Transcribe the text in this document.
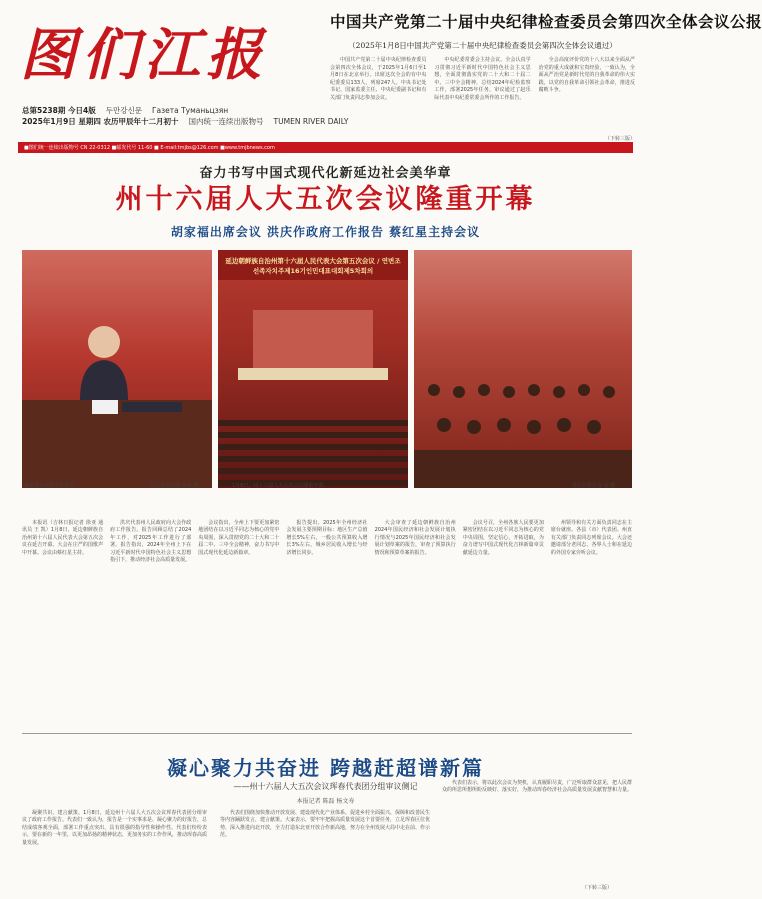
图们江报
总第5238期 今日4版 두만강신문 Газета Туманьцзян
2025年1月9日 星期四 农历甲辰年十二月初十 国内统一连续出版物号 TUMEN RIVER DAILY
■图们统一连续出版物号 CN 22-0312 ■邮发代号 11-60 ■ E-mail:tmjbs@126.com ■www.tmjbnews.com
中国共产党第二十届中央纪律检查委员会第四次全体会议公报
（2025年1月8日中国共产党第二十届中央纪律检查委员会第四次全体会议通过）

中国共产党第二十届中央纪律检查委员会第四次全体会议，于2025年1月6日至1月8日在北京举行。出席这次全会的有中央纪委委员133人，列席247人。中央书记处书记、国家监委主任、中央纪委副书记和有关部门负责同志参加会议。

中央纪委常委会主持会议。全会认真学习贯彻习近平新时代中国特色社会主义思想，全面贯彻落实党的二十大和二十届二中、三中全会精神，总结2024年纪检监察工作，部署2025年任务，审议通过了赵乐际代表中央纪委常委会所作的工作报告。

全会高度评价党的十八大以来全面从严治党的重大成就和宝贵经验，一致认为，全面从严治党是新时代党的自我革命的伟大实践，以党的自我革命引领社会革命，推进反腐败斗争。

（下转三版）
奋力书写中国式现代化新延边社会美华章
州十六届人大五次会议隆重开幕
胡家福出席会议 洪庆作政府工作报告 蔡红星主持会议
延边朝鲜族自治州第十六届人民代表大会第五次会议 / 연변조선족자치주제16기인민대표대회제5차회의
胡家福在政府工作报告	延边日报记者 孙明 摄	1月8日，州十六届人大五次会议隆重开幕。	延边日报记者 宋 摄

本报讯（吉林日报记者 徐亚 通讯员 王 凯）1月8日，延边朝鲜族自治州第十六届人民代表大会第五次会议在延吉开幕。大会在庄严的国歌声中开幕。会议由蔡红星主持。

洪庆代表州人民政府向大会作政府工作报告。报告回顾总结了2024年工作，对2025年工作进行了部署。报告指出，2024年全州上下在习近平新时代中国特色社会主义思想指引下，推动经济社会高质量发展。

会议指出，全州上下要更加紧密地团结在以习近平同志为核心的党中央周围，深入贯彻党的二十大和二十届二中、三中全会精神，奋力书写中国式现代化延边新篇章。

报告提出，2025年全州经济社会发展主要预期目标：地区生产总值增长5%左右，一般公共预算收入增长3%左右，城乡居民收入增长与经济增长同步。

大会审查了延边朝鲜族自治州2024年国民经济和社会发展计划执行情况与2025年国民经济和社会发展计划草案的报告，审查了预算执行情况和预算草案的报告。

会议号召，全州各族人民要更加紧密团结在以习近平同志为核心的党中央周围，坚定信心，开拓进取，为奋力谱写中国式现代化吉林新篇章贡献延边力量。

州领导和有关方面负责同志在主席台就座。各县（市）代表团、州直有关部门负责同志列席会议。大会还邀请部分老同志、各界人士和在延边的外国专家旁听会议。

凝心聚力共奋进 跨越赶超谱新篇
——州十六届人大五次会议珲春代表团分组审议侧记
本报记者 陈磊 杨文寿
凝聚共识，建言献策。1月8日，延边州十六届人大五次会议珲春代表团分组审议了政府工作报告。代表们一致认为，报告是一个实事求是、凝心聚力的好报告，总结成绩客观全面，部署工作重点突出，具有很强的指导性和操作性。代表们纷纷表示，要在新的一年里，以更加昂扬的精神状态，更加务实的工作作风，推动珲春高质量发展。
代表们围绕加快推动开放发展、建设现代化产业体系、促进乡村全面振兴、保障和改善民生等内容踊跃发言，建言献策。大家表示，要牢牢把握高质量发展这个首要任务，立足珲春区位优势，深入推进向北开放，全力打造东北亚开放合作新高地，努力在全州发展大局中走在前、作示范。
代表们表示，将以此次会议为契机，认真履职尽责，广泛听取群众意见，把人民群众的所思所想所盼反映好、落实好，为推动珲春经济社会高质量发展贡献智慧和力量。
（下转三版）
